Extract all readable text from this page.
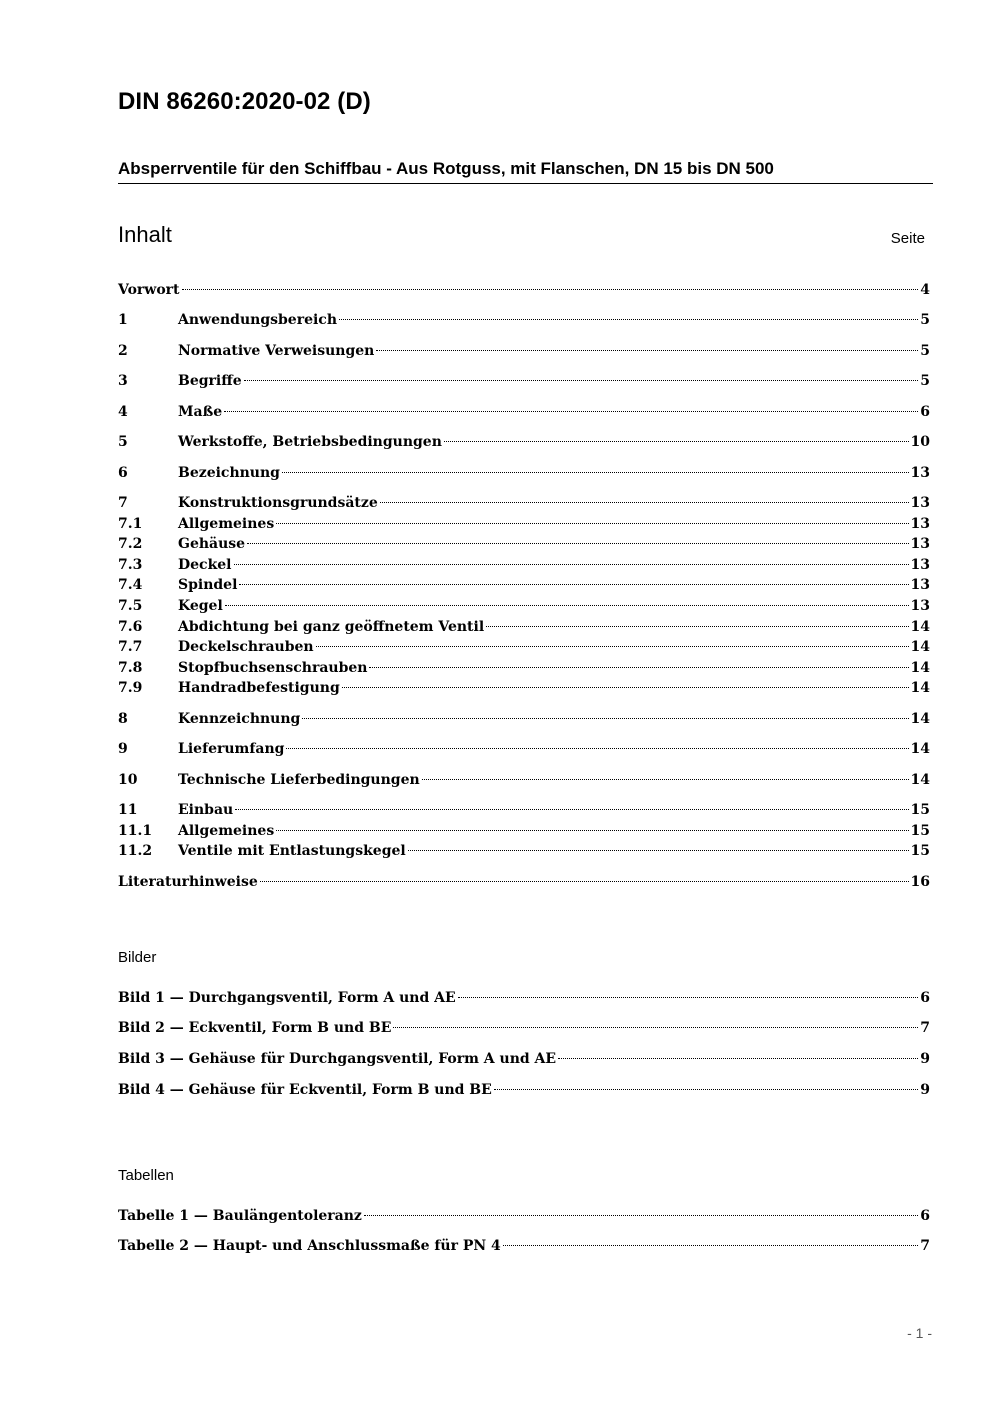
DIN 86260:2020-02 (D)
Absperrventile für den Schiffbau - Aus Rotguss, mit Flanschen, DN 15 bis DN 500
Inhalt	Seite
Vorwort	4
1	Anwendungsbereich	5
2	Normative Verweisungen	5
3	Begriffe	5
4	Maße	6
5	Werkstoffe, Betriebsbedingungen	10
6	Bezeichnung	13
7	Konstruktionsgrundsätze	13
7.1	Allgemeines	13
7.2	Gehäuse	13
7.3	Deckel	13
7.4	Spindel	13
7.5	Kegel	13
7.6	Abdichtung bei ganz geöffnetem Ventil	14
7.7	Deckelschrauben	14
7.8	Stopfbuchsenschrauben	14
7.9	Handradbefestigung	14
8	Kennzeichnung	14
9	Lieferumfang	14
10	Technische Lieferbedingungen	14
11	Einbau	15
11.1	Allgemeines	15
11.2	Ventile mit Entlastungskegel	15
Literaturhinweise	16
Bilder
Bild 1 — Durchgangsventil, Form A und AE	6
Bild 2 — Eckventil, Form B und BE	7
Bild 3 — Gehäuse für Durchgangsventil, Form A und AE	9
Bild 4 — Gehäuse für Eckventil, Form B und BE	9
Tabellen
Tabelle 1 — Baulängentoleranz	6
Tabelle 2 — Haupt- und Anschlussmaße für PN 4	7
- 1 -
